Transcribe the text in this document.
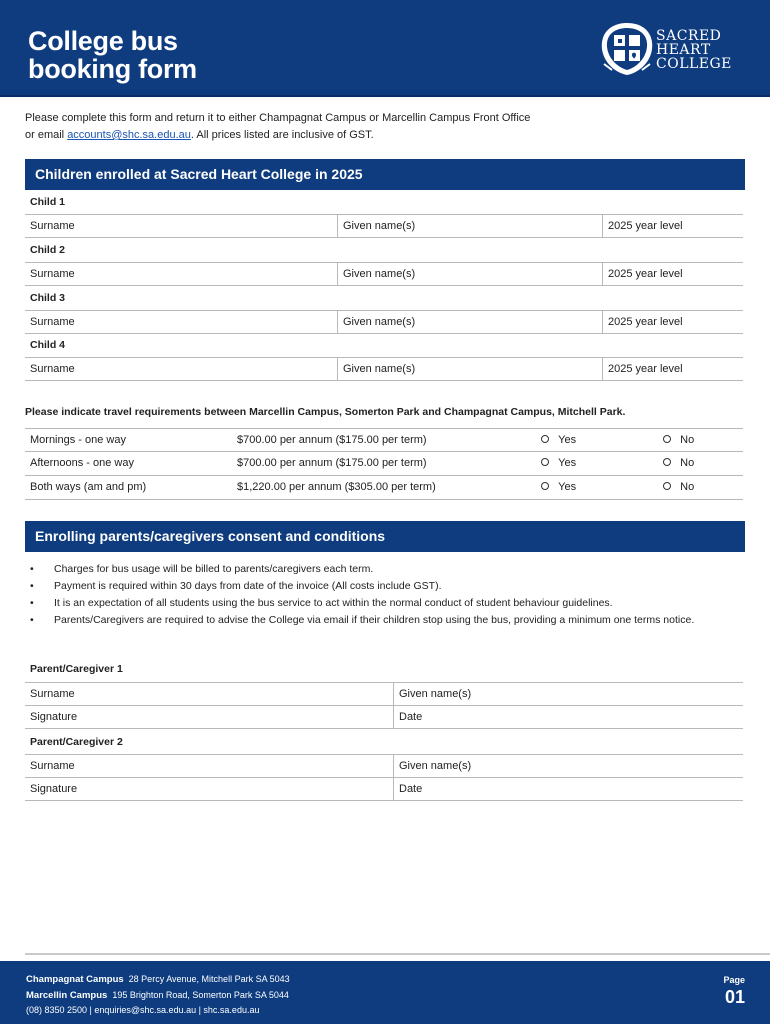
College bus
booking form
SACRED
HEART
COLLEGE
Please complete this form and return it to either Champagnat Campus or Marcellin Campus Front Office
or email accounts@shc.sa.edu.au. All prices listed are inclusive of GST.
Children enrolled at Sacred Heart College in 2025
Child 1
Surname	Given name(s)	2025 year level
Child 2
Surname	Given name(s)	2025 year level
Child 3
Surname	Given name(s)	2025 year level
Child 4
Surname	Given name(s)	2025 year level
Please indicate travel requirements between Marcellin Campus, Somerton Park and Champagnat Campus, Mitchell Park.
Mornings - one way	$700.00 per annum ($175.00 per term)	Yes	No
Afternoons - one way	$700.00 per annum ($175.00 per term)	Yes	No
Both ways (am and pm)	$1,220.00 per annum ($305.00 per term)	Yes	No
Enrolling parents/caregivers consent and conditions
• Charges for bus usage will be billed to parents/caregivers each term.
• Payment is required within 30 days from date of the invoice (All costs include GST).
• It is an expectation of all students using the bus service to act within the normal conduct of student behaviour guidelines.
• Parents/Caregivers are required to advise the College via email if their children stop using the bus, providing a minimum one terms notice.
Parent/Caregiver 1
Surname	Given name(s)
Signature	Date
Parent/Caregiver 2
Surname	Given name(s)
Signature	Date
Champagnat Campus 28 Percy Avenue, Mitchell Park SA 5043
Marcellin Campus 195 Brighton Road, Somerton Park SA 5044
(08) 8350 2500 | enquiries@shc.sa.edu.au | shc.sa.edu.au
Page
01
